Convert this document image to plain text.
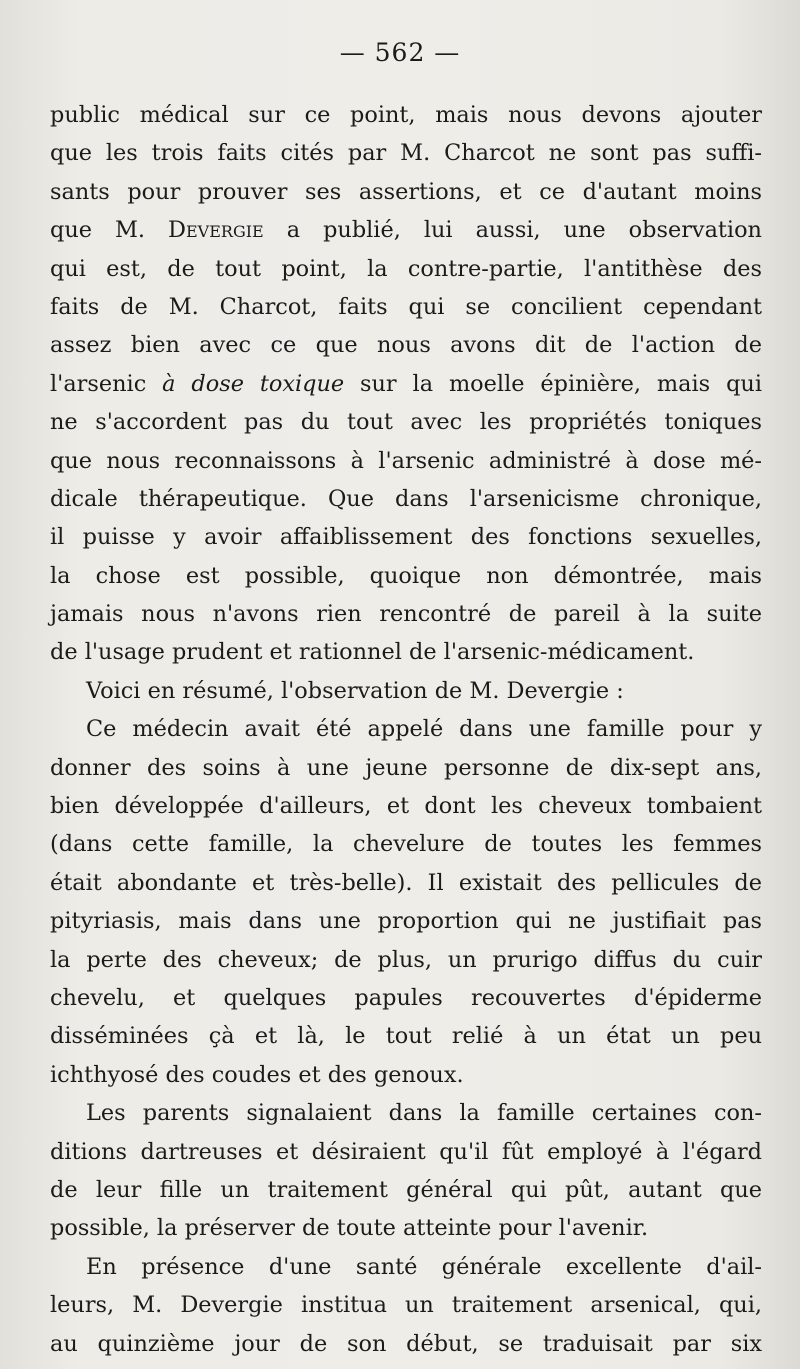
— 562 —
public médical sur ce point, mais nous devons ajouter
que les trois faits cités par M. Charcot ne sont pas suffi-
sants pour prouver ses assertions, et ce d'autant moins
que M. Devergie a publié, lui aussi, une observation
qui est, de tout point, la contre-partie, l'antithèse des
faits de M. Charcot, faits qui se concilient cependant
assez bien avec ce que nous avons dit de l'action de
l'arsenic à dose toxique sur la moelle épinière, mais qui
ne s'accordent pas du tout avec les propriétés toniques
que nous reconnaissons à l'arsenic administré à dose mé-
dicale thérapeutique. Que dans l'arsenicisme chronique,
il puisse y avoir affaiblissement des fonctions sexuelles,
la chose est possible, quoique non démontrée, mais
jamais nous n'avons rien rencontré de pareil à la suite
de l'usage prudent et rationnel de l'arsenic-médicament.
Voici en résumé, l'observation de M. Devergie :
Ce médecin avait été appelé dans une famille pour y
donner des soins à une jeune personne de dix-sept ans,
bien développée d'ailleurs, et dont les cheveux tombaient
(dans cette famille, la chevelure de toutes les femmes
était abondante et très-belle). Il existait des pellicules de
pityriasis, mais dans une proportion qui ne justifiait pas
la perte des cheveux; de plus, un prurigo diffus du cuir
chevelu, et quelques papules recouvertes d'épiderme
disséminées çà et là, le tout relié à un état un peu
ichthyosé des coudes et des genoux.
Les parents signalaient dans la famille certaines con-
ditions dartreuses et désiraient qu'il fût employé à l'égard
de leur fille un traitement général qui pût, autant que
possible, la préserver de toute atteinte pour l'avenir.
En présence d'une santé générale excellente d'ail-
leurs, M. Devergie institua un traitement arsenical, qui,
au quinzième jour de son début, se traduisait par six
